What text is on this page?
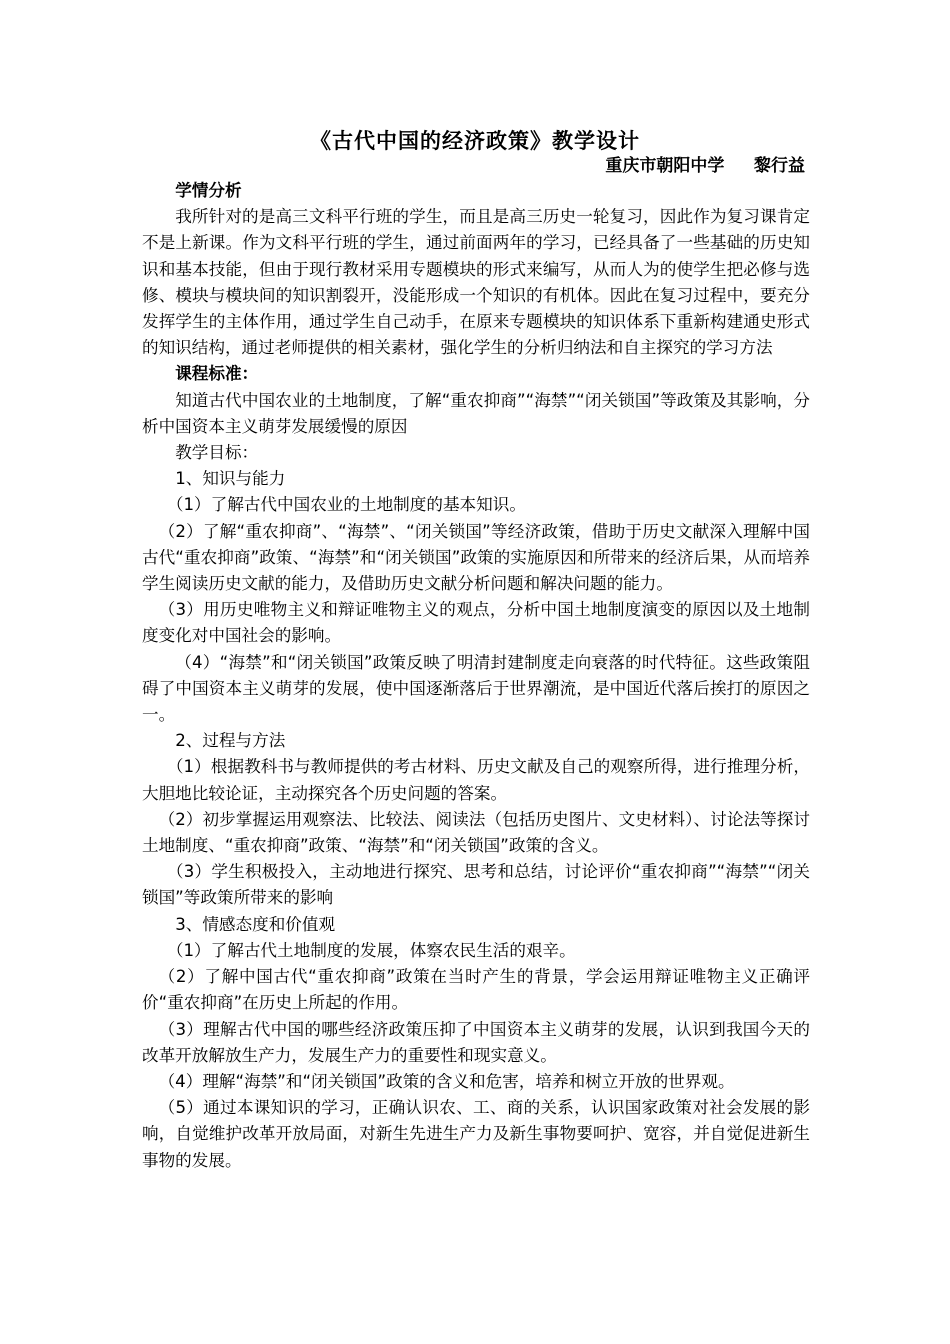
《古代中国的经济政策》教学设计
重庆市朝阳中学     黎行益

学情分析

我所针对的是高三文科平行班的学生，而且是高三历史一轮复习，因此作为复习课肯定不是上新课。作为文科平行班的学生，通过前面两年的学习，已经具备了一些基础的历史知识和基本技能，但由于现行教材采用专题模块的形式来编写，从而人为的使学生把必修与选修、模块与模块间的知识割裂开，没能形成一个知识的有机体。因此在复习过程中，要充分发挥学生的主体作用，通过学生自己动手，在原来专题模块的知识体系下重新构建通史形式的知识结构，通过老师提供的相关素材，强化学生的分析归纳法和自主探究的学习方法

课程标准：

知道古代中国农业的土地制度，了解“重农抑商”“海禁”“闭关锁国”等政策及其影响，分析中国资本主义萌芽发展缓慢的原因

教学目标：

1、知识与能力

（1）了解古代中国农业的土地制度的基本知识。

（2）了解“重农抑商”、“海禁”、“闭关锁国”等经济政策，借助于历史文献深入理解中国古代“重农抑商”政策、“海禁”和“闭关锁国”政策的实施原因和所带来的经济后果，从而培养学生阅读历史文献的能力，及借助历史文献分析问题和解决问题的能力。

（3）用历史唯物主义和辩证唯物主义的观点，分析中国土地制度演变的原因以及土地制度变化对中国社会的影响。

（4）“海禁”和“闭关锁国”政策反映了明清封建制度走向衰落的时代特征。这些政策阻碍了中国资本主义萌芽的发展，使中国逐渐落后于世界潮流，是中国近代落后挨打的原因之一。

2、过程与方法

（1）根据教科书与教师提供的考古材料、历史文献及自己的观察所得，进行推理分析，大胆地比较论证，主动探究各个历史问题的答案。

（2）初步掌握运用观察法、比较法、阅读法（包括历史图片、文史材料）、讨论法等探讨土地制度、“重农抑商”政策、“海禁”和“闭关锁国”政策的含义。

（3）学生积极投入，主动地进行探究、思考和总结，讨论评价“重农抑商”“海禁”“闭关锁国”等政策所带来的影响

3、情感态度和价值观

（1）了解古代土地制度的发展，体察农民生活的艰辛。

（2）了解中国古代“重农抑商”政策在当时产生的背景，学会运用辩证唯物主义正确评价“重农抑商”在历史上所起的作用。

（3）理解古代中国的哪些经济政策压抑了中国资本主义萌芽的发展，认识到我国今天的改革开放解放生产力，发展生产力的重要性和现实意义。

（4）理解“海禁”和“闭关锁国”政策的含义和危害，培养和树立开放的世界观。

（5）通过本课知识的学习，正确认识农、工、商的关系，认识国家政策对社会发展的影响，自觉维护改革开放局面，对新生先进生产力及新生事物要呵护、宽容，并自觉促进新生事物的发展。
